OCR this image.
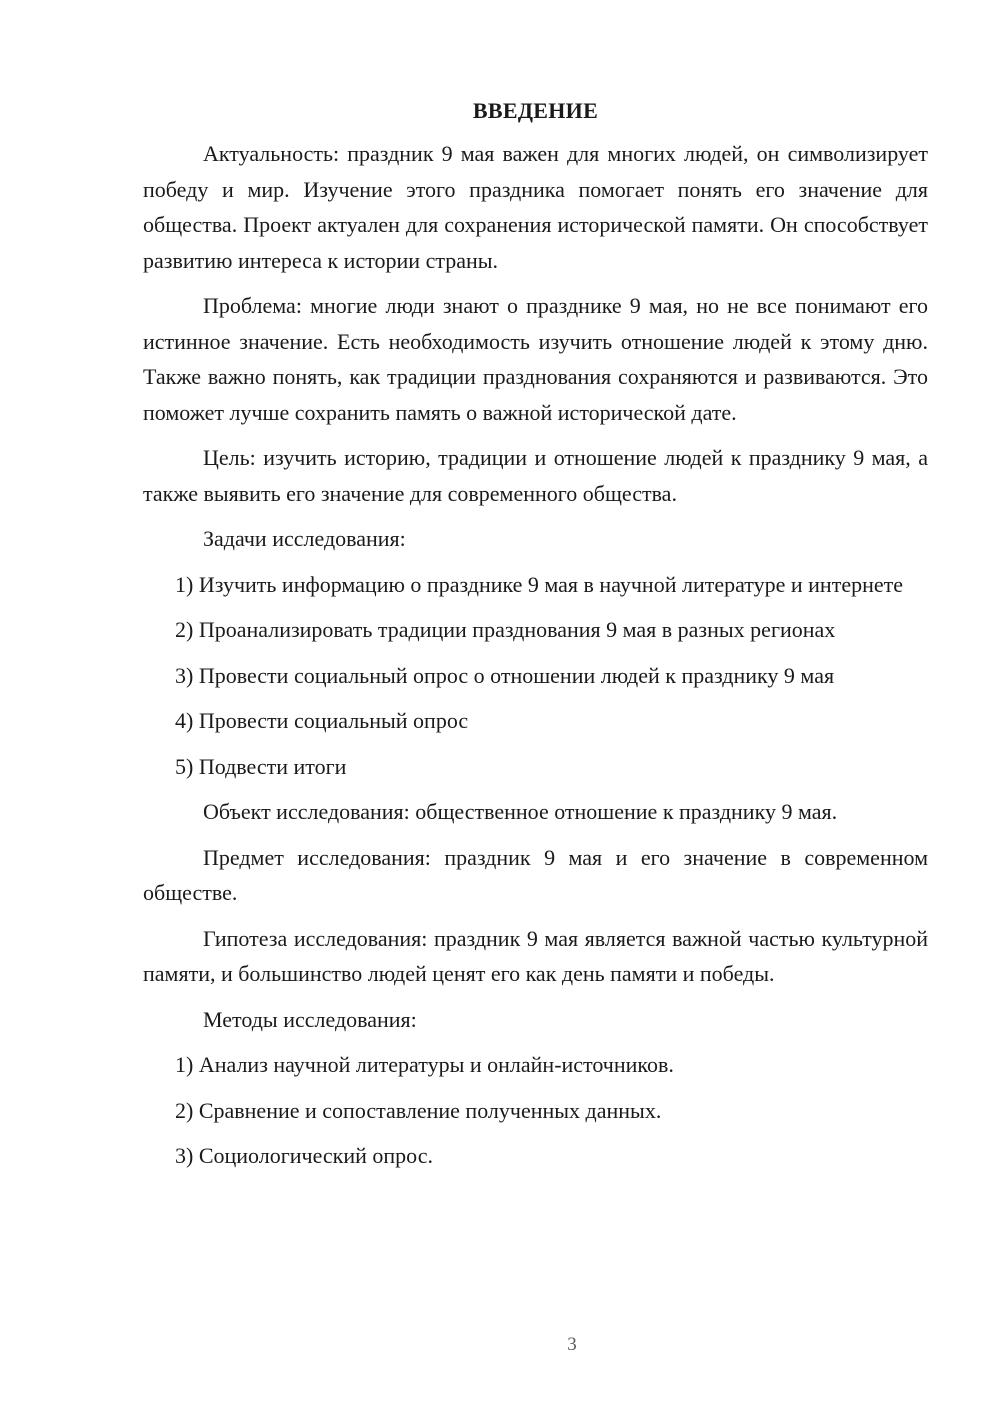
ВВЕДЕНИЕ

Актуальность: праздник 9 мая важен для многих людей, он символизирует победу и мир. Изучение этого праздника помогает понять его значение для общества. Проект актуален для сохранения исторической памяти. Он способствует развитию интереса к истории страны.

Проблема: многие люди знают о празднике 9 мая, но не все понимают его истинное значение. Есть необходимость изучить отношение людей к этому дню. Также важно понять, как традиции празднования сохраняются и развиваются. Это поможет лучше сохранить память о важной исторической дате.

Цель: изучить историю, традиции и отношение людей к празднику 9 мая, а также выявить его значение для современного общества.

Задачи исследования:

1) Изучить информацию о празднике 9 мая в научной литературе и интернете

2) Проанализировать традиции празднования 9 мая в разных регионах

3) Провести социальный опрос о отношении людей к празднику 9 мая

4) Провести социальный опрос

5) Подвести итоги

Объект исследования: общественное отношение к празднику 9 мая.

Предмет исследования: праздник 9 мая и его значение в современном обществе.

Гипотеза исследования: праздник 9 мая является важной частью культурной памяти, и большинство людей ценят его как день памяти и победы.

Методы исследования:

1) Анализ научной литературы и онлайн-источников.

2) Сравнение и сопоставление полученных данных.

3) Социологический опрос.

3
